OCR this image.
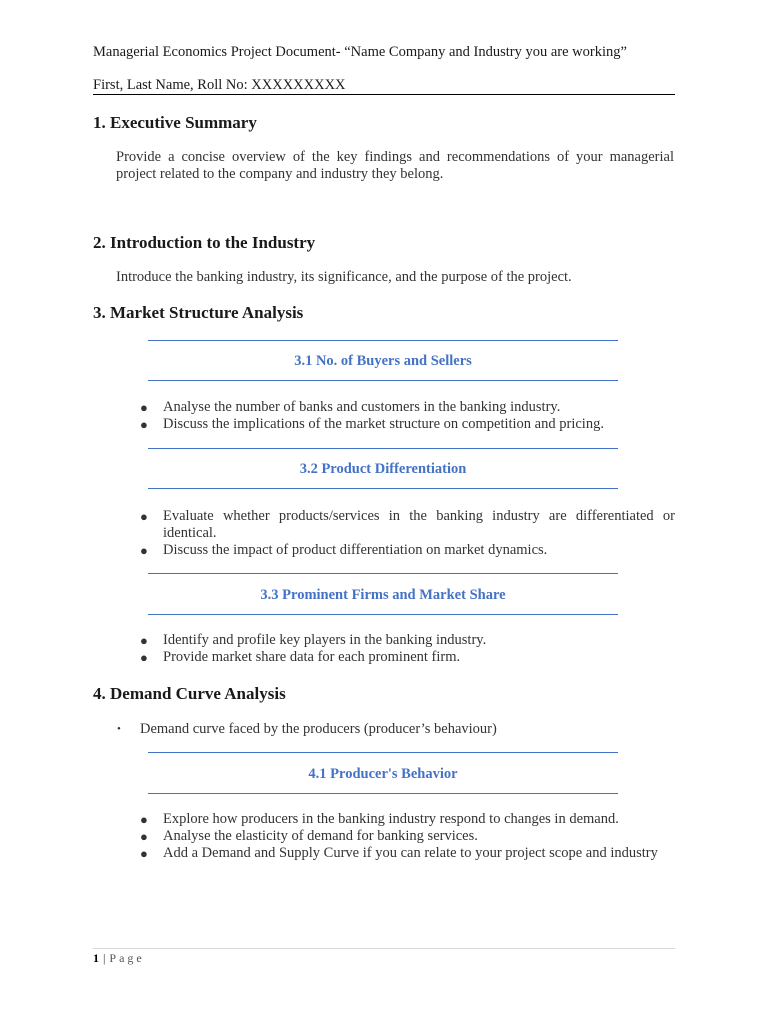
Managerial Economics Project Document- “Name Company and Industry you are working”
First, Last Name, Roll No: XXXXXXXXX
1. Executive Summary
Provide a concise overview of the key findings and recommendations of your managerial project related to the company and industry they belong.
2. Introduction to the Industry
Introduce the banking industry, its significance, and the purpose of the project.
3. Market Structure Analysis
3.1 No. of Buyers and Sellers
● Analyse the number of banks and customers in the banking industry.
● Discuss the implications of the market structure on competition and pricing.
3.2 Product Differentiation
● Evaluate whether products/services in the banking industry are differentiated or identical.
● Discuss the impact of product differentiation on market dynamics.
3.3 Prominent Firms and Market Share
● Identify and profile key players in the banking industry.
● Provide market share data for each prominent firm.
4. Demand Curve Analysis
• Demand curve faced by the producers (producer’s behaviour)
4.1 Producer's Behavior
● Explore how producers in the banking industry respond to changes in demand.
● Analyse the elasticity of demand for banking services.
● Add a Demand and Supply Curve if you can relate to your project scope and industry
1 | Page
